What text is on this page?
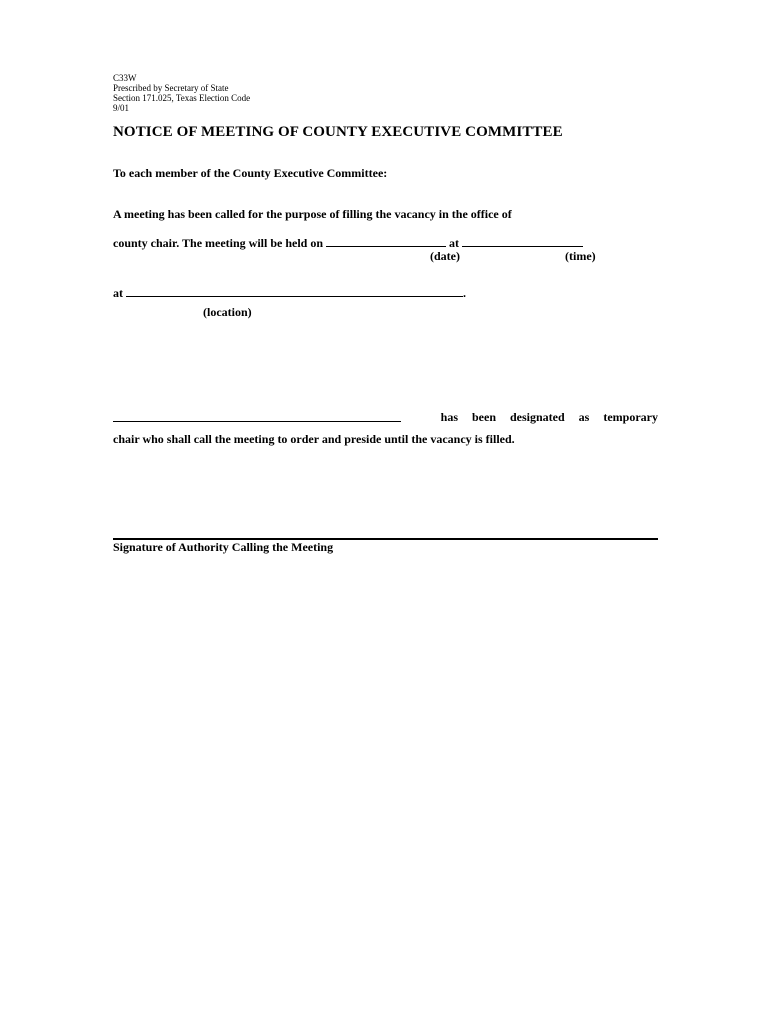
C33W
Prescribed by Secretary of State
Section 171.025, Texas Election Code
9/01
NOTICE OF MEETING OF COUNTY EXECUTIVE COMMITTEE
To each member of the County Executive Committee:
A meeting has been called for the purpose of filling the vacancy in the office of
county chair. The meeting will be held on	at
(date)	(time)
at	.
(location)
has been designated as temporary
chair who shall call the meeting to order and preside until the vacancy is filled.
Signature of Authority Calling the Meeting
